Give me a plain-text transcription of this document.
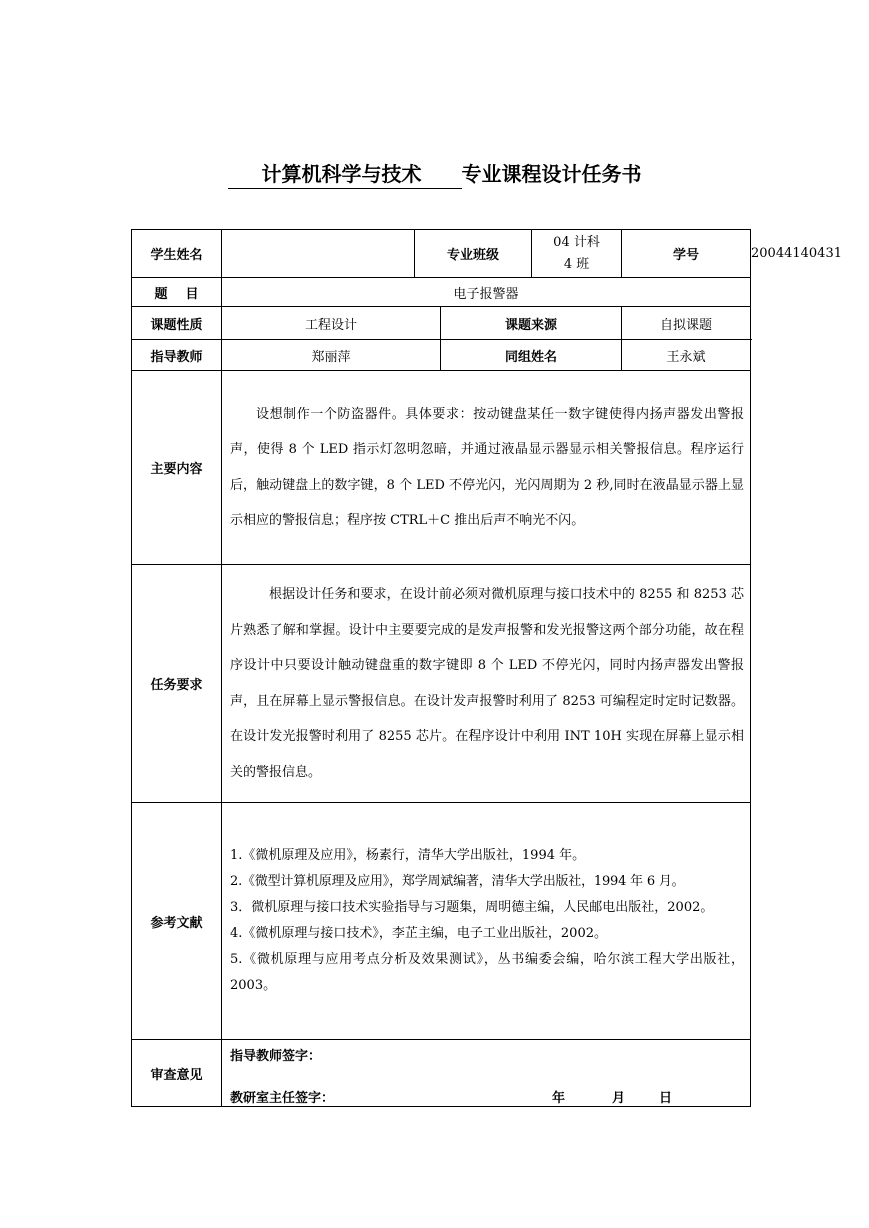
计算机科学与技术 专业课程设计任务书
学生姓名		专业班级		04 计科 4 班	学号	20044140431
题    目	电子报警器					
课题性质	工程设计		课题来源		自拟课题	
指导教师	郑丽萍		同组姓名		王永斌	
主要内容	设想制作一个防盗器件。具体要求：按动键盘某任一数字键使得内扬声器发出警报声，使得 8 个 LED 指示灯忽明忽暗，并通过液晶显示器显示相关警报信息。程序运行后，触动键盘上的数字键，8 个 LED 不停光闪，光闪周期为 2 秒,同时在液晶显示器上显示相应的警报信息；程序按 CTRL＋C 推出后声不响光不闪。					

任务要求	根据设计任务和要求，在设计前必须对微机原理与接口技术中的 8255 和 8253 芯片熟悉了解和掌握。设计中主要要完成的是发声报警和发光报警这两个部分功能，故在程序设计中只要设计触动键盘重的数字键即 8 个 LED 不停光闪，同时内扬声器发出警报声，且在屏幕上显示警报信息。在设计发声报警时利用了 8253 可编程定时定时记数器。在设计发光报警时利用了 8255 芯片。在程序设计中利用 INT 10H 实现在屏幕上显示相关的警报信息。					

参考文献	1.《微机原理及应用》，杨素行，清华大学出版社，1994 年。
2.《微型计算机原理及应用》，郑学周斌编著，清华大学出版社，1994 年 6 月。
3．微机原理与接口技术实验指导与习题集，周明德主编，人民邮电出版社，2002。
4.《微机原理与接口技术》，李芷主编，电子工业出版社，2002。
5.《微机原理与应用考点分析及效果测试》，丛书编委会编，哈尔滨工程大学出版社，2003。					

审查意见	指导教师签字：
教研室主任签字： 年 月 日					
